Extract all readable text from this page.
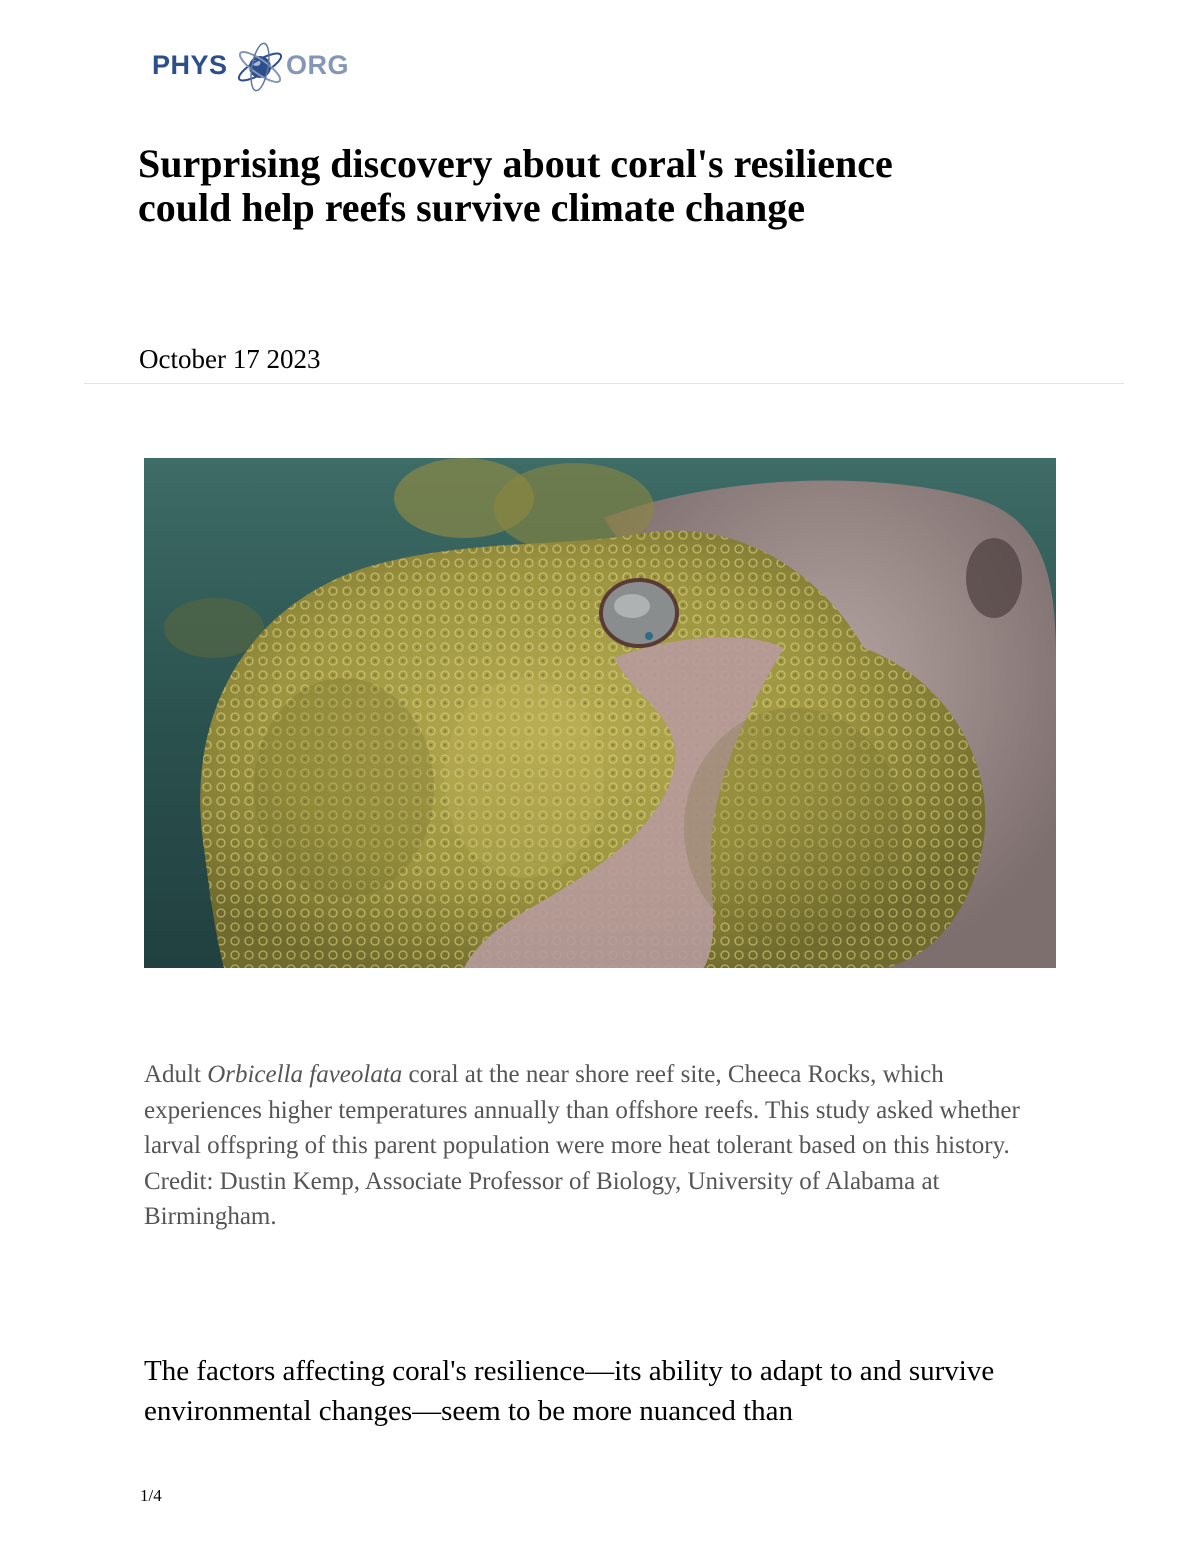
PHYS ORG
Surprising discovery about coral's resilience
could help reefs survive climate change
October 17 2023

Adult Orbicella faveolata coral at the near shore reef site, Cheeca Rocks, which experiences higher temperatures annually than offshore reefs. This study asked whether larval offspring of this parent population were more heat tolerant based on this history. Credit: Dustin Kemp, Associate Professor of Biology, University of Alabama at Birmingham.

The factors affecting coral's resilience—its ability to adapt to and survive environmental changes—seem to be more nuanced than

1/4
